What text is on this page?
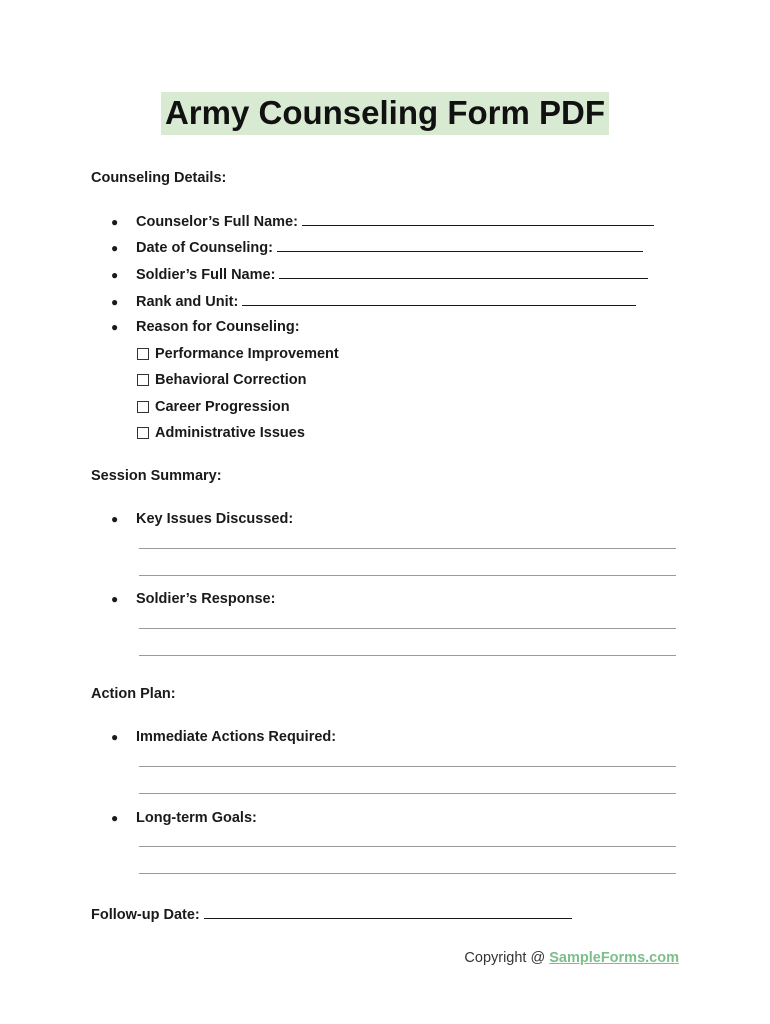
Army Counseling Form PDF
Counseling Details:
●	Counselor’s Full Name:
●	Date of Counseling:
●	Soldier’s Full Name:
●	Rank and Unit:
●	Reason for Counseling:
Performance Improvement
Behavioral Correction
Career Progression
Administrative Issues
Session Summary:
●	Key Issues Discussed:
●	Soldier’s Response:
Action Plan:
●	Immediate Actions Required:
●	Long-term Goals:
Follow-up Date:
Copyright @ SampleForms.com
